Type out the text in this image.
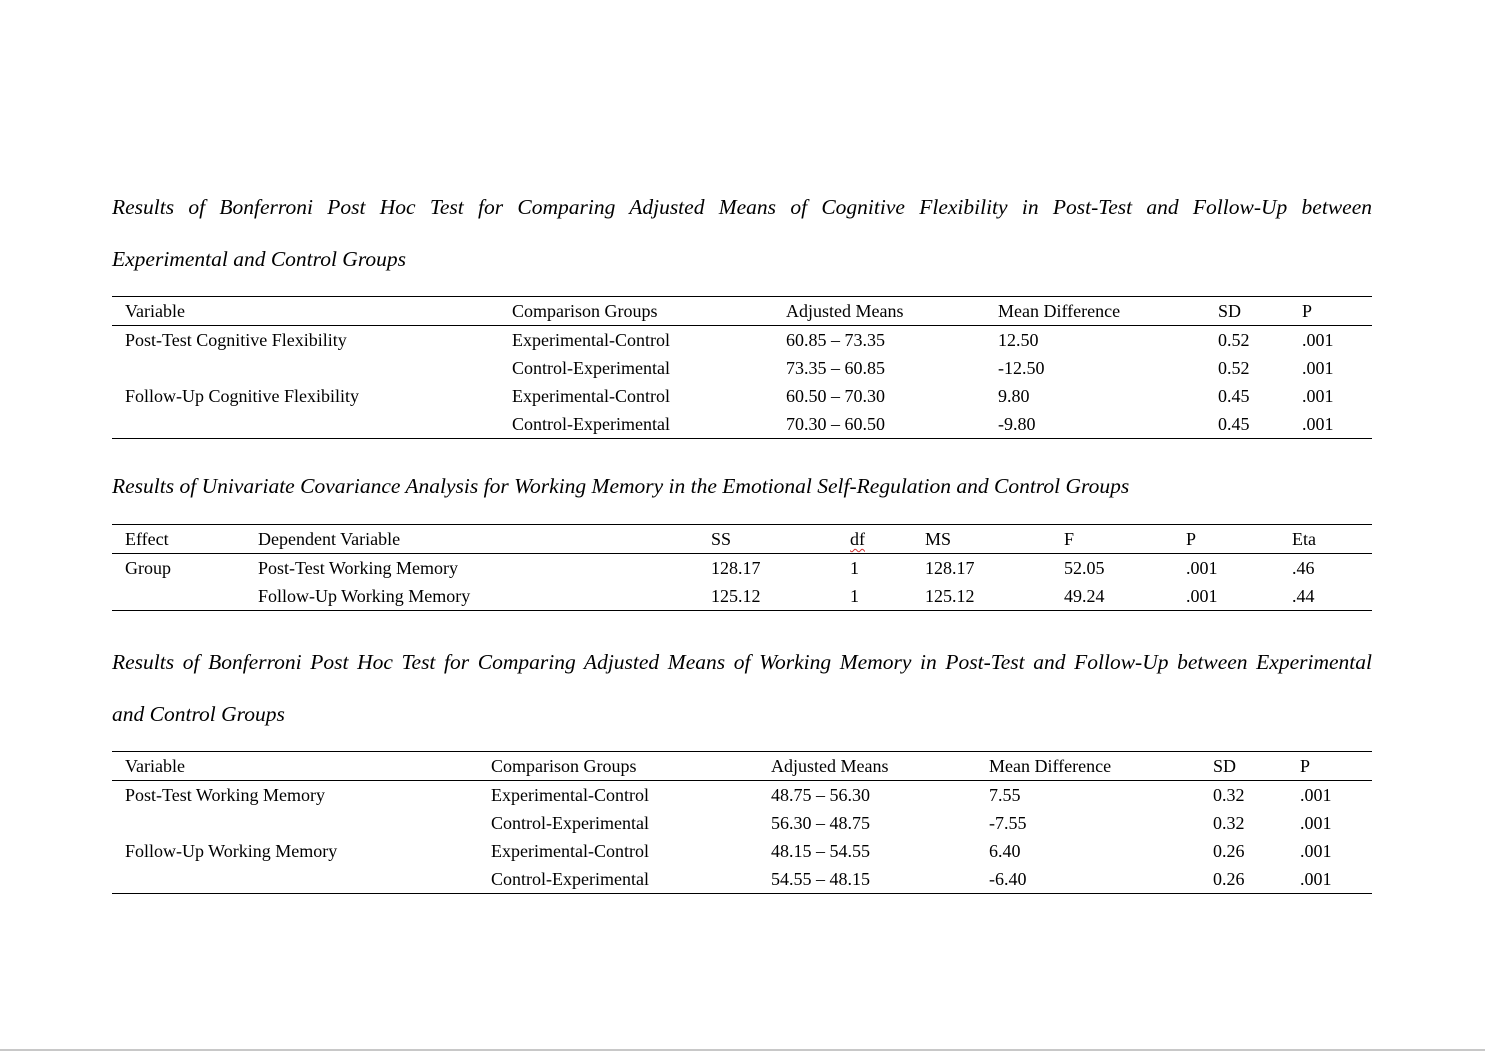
Results of Bonferroni Post Hoc Test for Comparing Adjusted Means of Cognitive Flexibility in Post-Test and Follow-Up between
Experimental and Control Groups
Variable	Comparison Groups	Adjusted Means	Mean Difference	SD	P
Post-Test Cognitive Flexibility	Experimental-Control	60.85 – 73.35	12.50	0.52	.001
	Control-Experimental	73.35 – 60.85	-12.50	0.52	.001
Follow-Up Cognitive Flexibility	Experimental-Control	60.50 – 70.30	9.80	0.45	.001
	Control-Experimental	70.30 – 60.50	-9.80	0.45	.001
Results of Univariate Covariance Analysis for Working Memory in the Emotional Self-Regulation and Control Groups
Effect	Dependent Variable	SS	df	MS	F	P	Eta
Group	Post-Test Working Memory	128.17	1	128.17	52.05	.001	.46
	Follow-Up Working Memory	125.12	1	125.12	49.24	.001	.44
Results of Bonferroni Post Hoc Test for Comparing Adjusted Means of Working Memory in Post-Test and Follow-Up between Experimental
and Control Groups
Variable	Comparison Groups	Adjusted Means	Mean Difference	SD	P
Post-Test Working Memory	Experimental-Control	48.75 – 56.30	7.55	0.32	.001
	Control-Experimental	56.30 – 48.75	-7.55	0.32	.001
Follow-Up Working Memory	Experimental-Control	48.15 – 54.55	6.40	0.26	.001
	Control-Experimental	54.55 – 48.15	-6.40	0.26	.001
